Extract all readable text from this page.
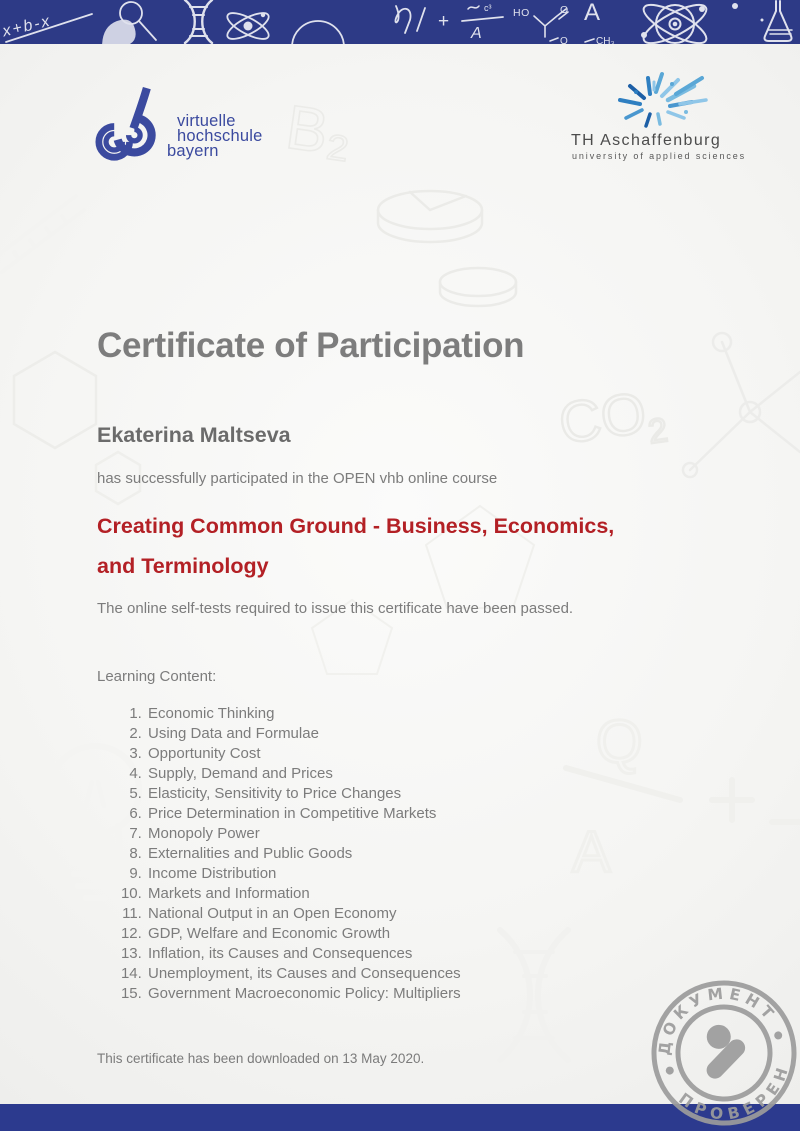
B₂
$CO_2$
Q
A
x+b-x	+
c³
A
HO	O
O	CH₃
A
virtuelle
hochschule
bayern
TH Aschaffenburg
university of applied sciences
Certificate of Participation
Ekaterina Maltseva

has successfully participated in the OPEN vhb online course

Creating Common Ground - Business, Economics, and Terminology

The online self-tests required to issue this certificate have been passed.

Learning Content:

1. Economic Thinking
2. Using Data and Formulae
3. Opportunity Cost
4. Supply, Demand and Prices
5. Elasticity, Sensitivity to Price Changes
6. Price Determination in Competitive Markets
7. Monopoly Power
8. Externalities and Public Goods
9. Income Distribution
10. Markets and Information
11. National Output in an Open Economy
12. GDP, Welfare and Economic Growth
13. Inflation, its Causes and Consequences
14. Unemployment, its Causes and Consequences
15. Government Macroeconomic Policy: Multipliers

This certificate has been downloaded on 13 May 2020.

ДОКУМЕНТ
ПРОВЕРЕН
